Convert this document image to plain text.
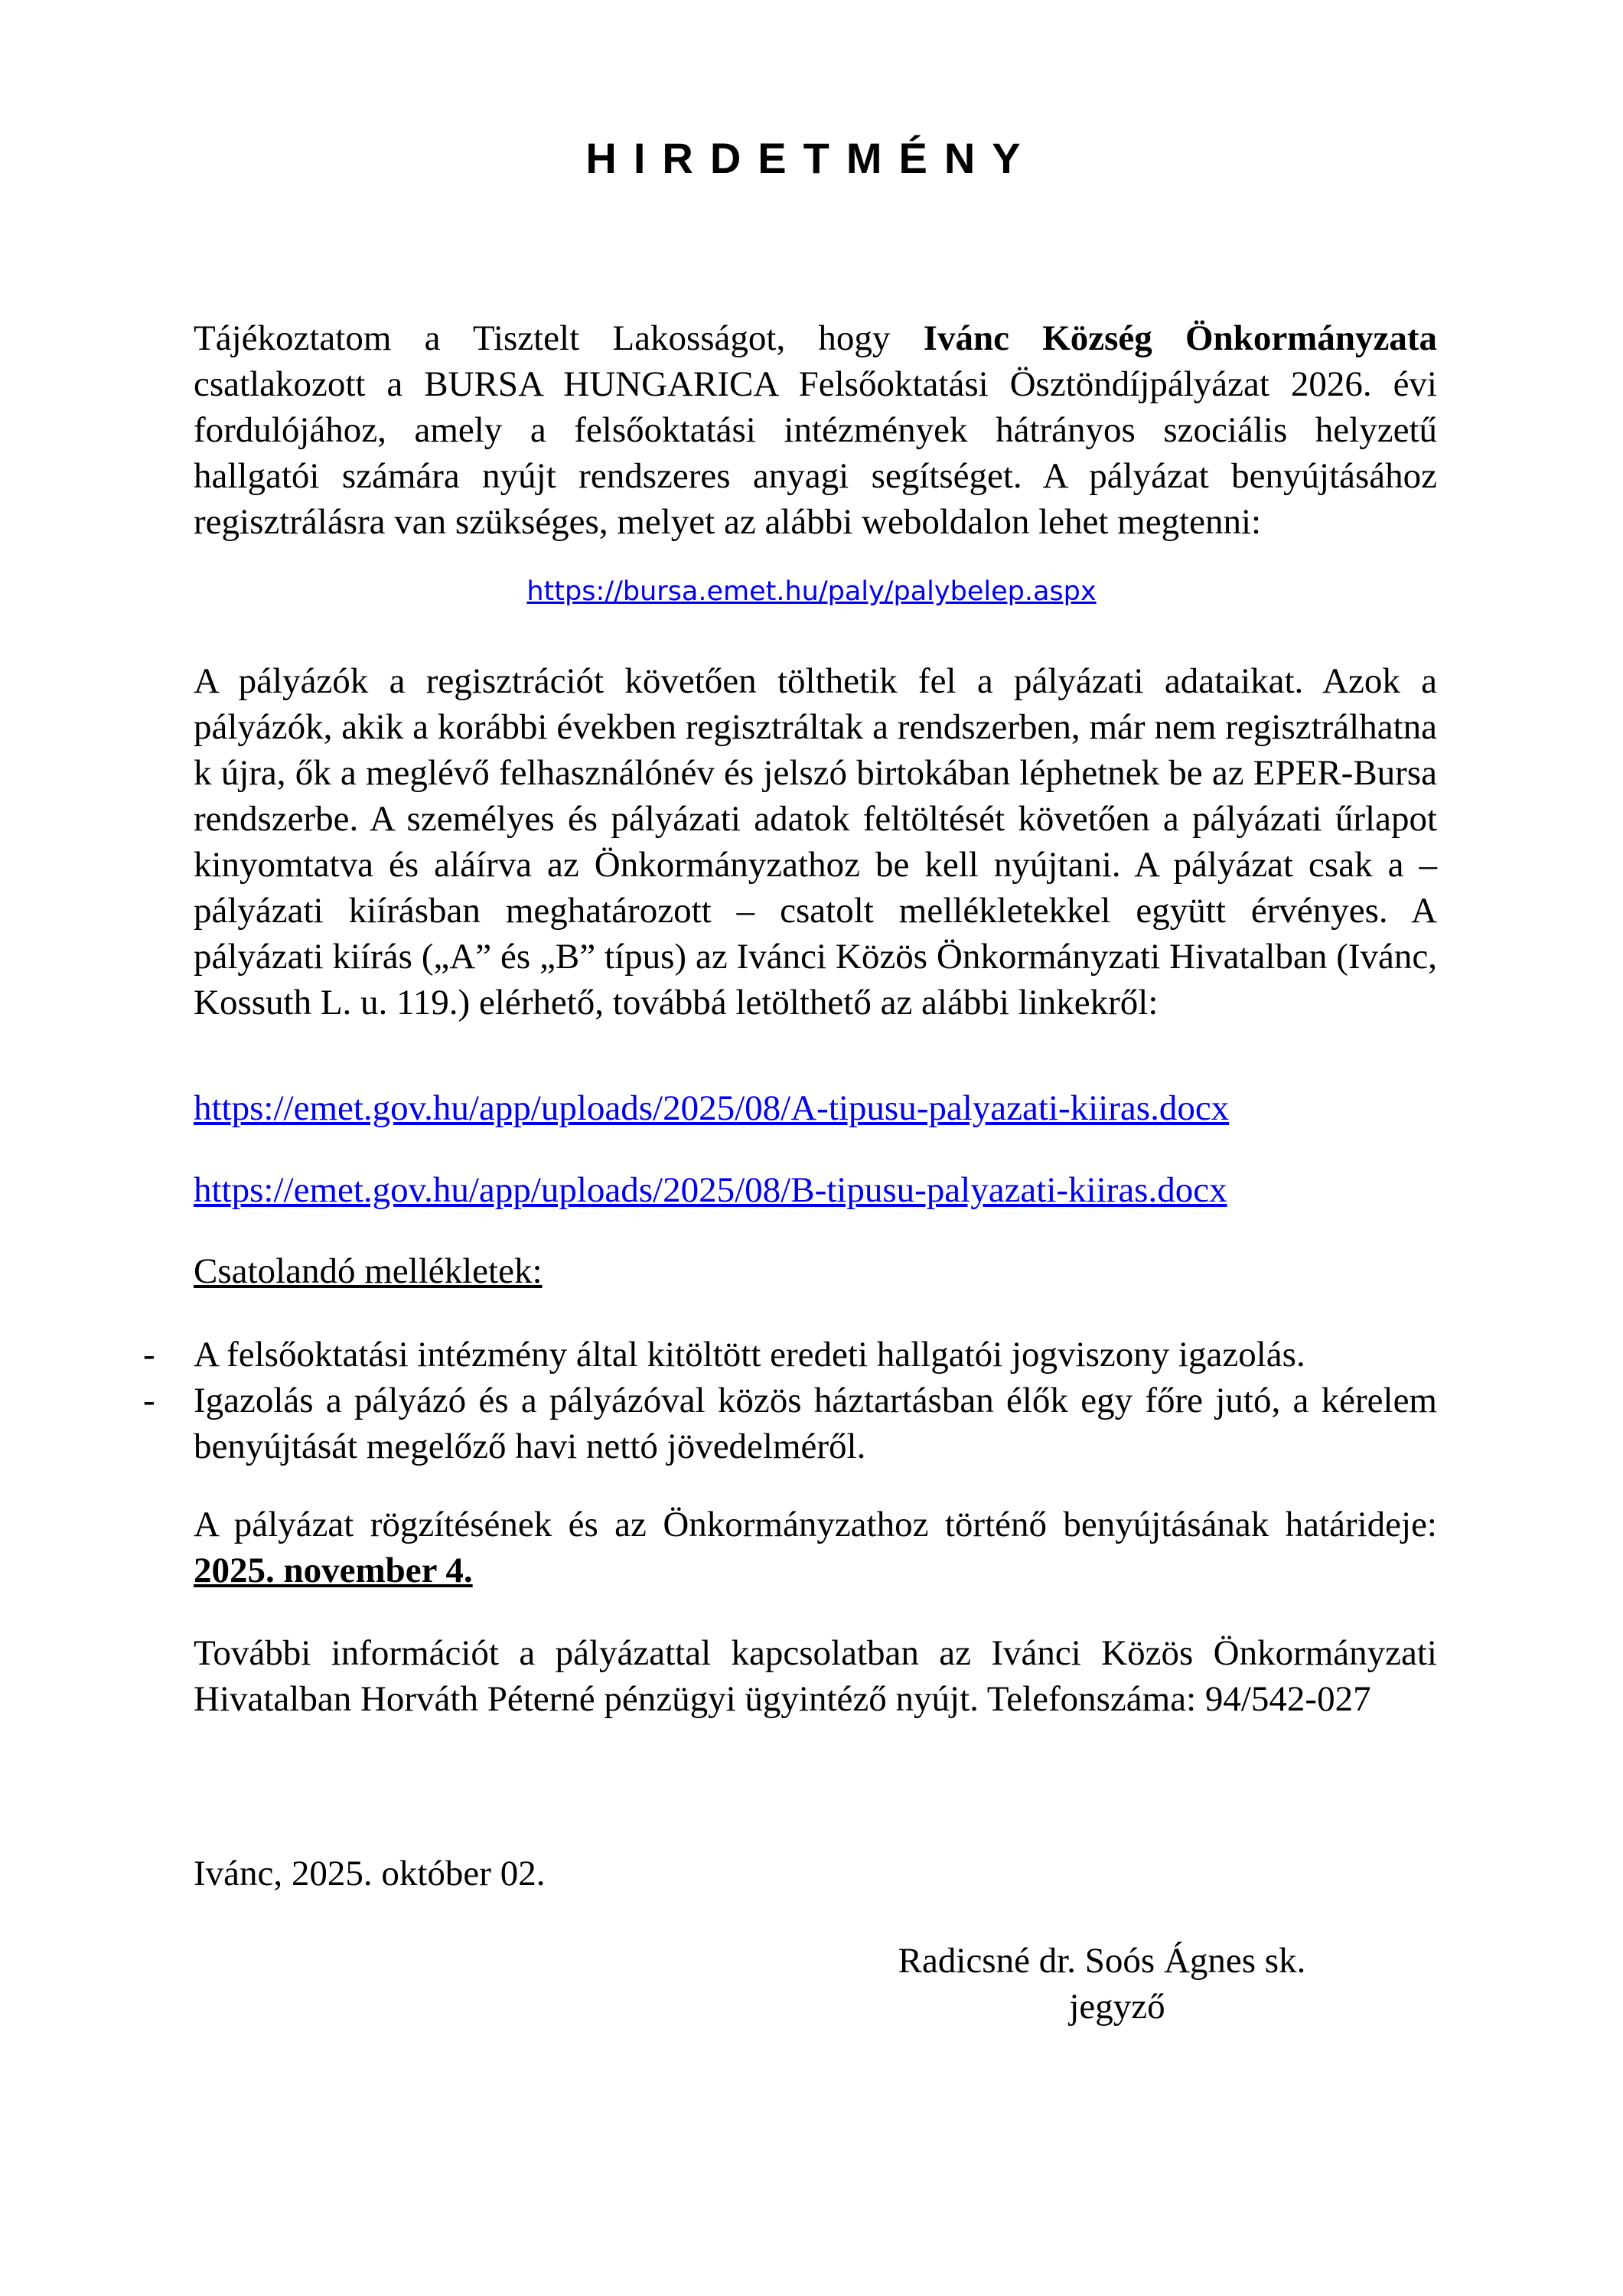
HIRDETMÉNY

Tájékoztatom a Tisztelt Lakosságot, hogy Ivánc Község Önkormányzata csatlakozott a BURSA HUNGARICA Felsőoktatási Ösztöndíjpályázat 2026. évi fordulójához, amely a felsőoktatási intézmények hátrányos szociális helyzetű hallgatói számára nyújt rendszeres anyagi segítséget. A pályázat benyújtásához regisztrálásra van szükséges, melyet az alábbi weboldalon lehet megtenni:

https://bursa.emet.hu/paly/palybelep.aspx

A pályázók a regisztrációt követően tölthetik fel a pályázati adataikat. Azok a pályázók, akik a korábbi években regisztráltak a rendszerben, már nem regisztrálhatna k újra, ők a meglévő felhasználónév és jelszó birtokában léphetnek be az EPER-Bursa rendszerbe. A személyes és pályázati adatok feltöltését követően a pályázati űrlapot kinyomtatva és aláírva az Önkormányzathoz be kell nyújtani. A pályázat csak a – pályázati kiírásban meghatározott – csatolt mellékletekkel együtt érvényes. A pályázati kiírás („A” és „B” típus) az Ivánci Közös Önkormányzati Hivatalban (Ivánc, Kossuth L. u. 119.) elérhető, továbbá letölthető az alábbi linkekről:

https://emet.gov.hu/app/uploads/2025/08/A-tipusu-palyazati-kiiras.docx
https://emet.gov.hu/app/uploads/2025/08/B-tipusu-palyazati-kiiras.docx
Csatolandó mellékletek:
- A felsőoktatási intézmény által kitöltött eredeti hallgatói jogviszony igazolás.
- Igazolás a pályázó és a pályázóval közös háztartásban élők egy főre jutó, a kérelem benyújtását megelőző havi nettó jövedelméről.

A pályázat rögzítésének és az Önkormányzathoz történő benyújtásának határideje: 2025. november 4.

További információt a pályázattal kapcsolatban az Ivánci Közös Önkormányzati Hivatalban Horváth Péterné pénzügyi ügyintéző nyújt. Telefonszáma: 94/542-027

Ivánc, 2025. október 02.
Radicsné dr. Soós Ágnes sk.
jegyző
